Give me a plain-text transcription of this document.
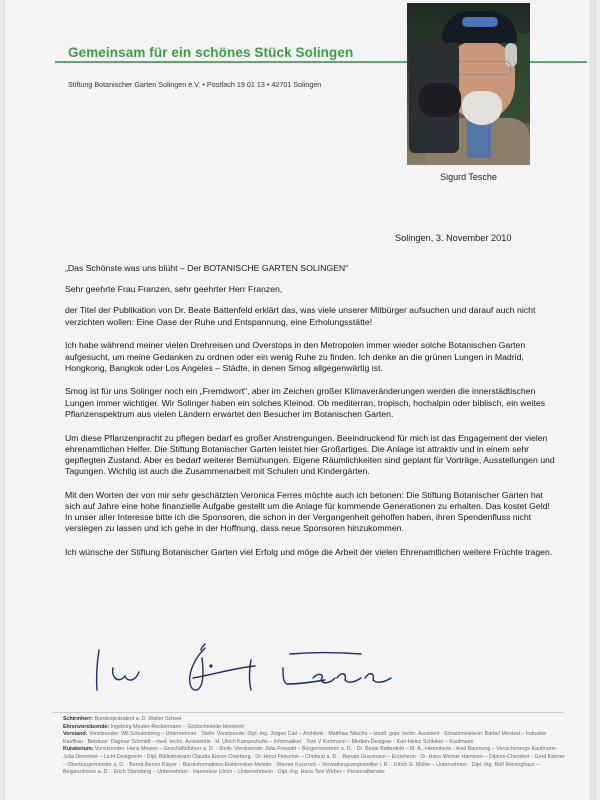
Gemeinsam für ein schönes Stück Solingen
Stiftung Botanischer Garten Solingen e.V. • Postfach 19 01 13 • 42701 Solingen
Sigurd Tesche
Solingen, 3. November 2010

„Das Schönste was uns blüht – Der BOTANISCHE GARTEN SOLINGEN“

Sehr geehrte Frau Franzen, sehr geehrter Herr Franzen,

der Titel der Publikation von Dr. Beate Battenfeld erklärt das, was viele unserer Mitbürger aufsuchen und darauf auch nicht verzichten wollen: Eine Oase der Ruhe und Entspannung, eine Erholungsstätte!

Ich habe während meiner vielen Drehreisen und Overstops in den Metropolen immer wieder solche Botanischen Garten aufgesucht, um meine Gedanken zu ordnen oder ein wenig Ruhe zu finden. Ich denke an die grünen Lungen in Madrid, Hongkong, Bangkok oder Los Angeles – Städte, in denen Smog allgegenwärtig ist.

Smog ist für uns Solinger noch ein „Fremdwort“, aber im Zeichen großer Klimaveränderungen werden die innerstädtischen Lungen immer wichtiger. Wir Solinger haben ein solches Kleinod. Ob mediterran, tropisch, hochalpin oder biblisch, ein weites Pflanzenspektrum aus vielen Ländern erwartet den Besucher im Botanischen Garten.

Um diese Pflanzenpracht zu pflegen bedarf es großer Anstrengungen. Beeindruckend für mich ist das Engagement der vielen ehrenamtlichen Helfer. Die Stiftung Botanischer Garten leistet hier Großartiges. Die Anlage ist attraktiv und in einem sehr gepflegten Zustand. Aber es bedarf weiterer Bemühungen. Eigene Räumlichkeiten sind geplant für Vorträge, Ausstellungen und Tagungen. Wichtig ist auch die Zusammenarbeit mit Schulen und Kindergärten.

Mit den Worten der von mir sehr geschätzten Veronica Ferres möchte auch ich betonen: Die Stiftung Botanischer Garten hat sich auf Jahre eine hohe finanzielle Aufgabe gestellt um die Anlage für kommende Generationen zu erhalten. Das kostet Geld! In unser aller Interesse bitte ich die Sponsoren, die schon in der Vergangenheit geholfen haben, ihren Spendenfluss nicht versiegen zu lassen und ich gehe in der Hoffnung, dass neue Sponsoren hinzukommen.

Ich wünsche der Stiftung Botanischer Garten viel Erfolg und möge die Arbeit der vielen Ehrenamtlichen weitere Früchte tragen.

Schirmherr: Bundespräsident a. D. Walter Scheel
Ehrenvorsitzende: Ingeborg Meuter-Reckermann – Goldschmiede-Meisterin
Vorstand: Vorsitzender: Wil Schulenberg – Unternehmer · Stellv. Vorsitzende: Dipl.-Ing. Jürgen Carl – Architekt · Matthias Nitsche – staatl. gepr. techn. Assistent · Schatzmeisterin: Bärbel Mentzel – Industrie Kauffrau · Beisitzer: Dagmar Schmidt – med. techn. Assistentin · H. Ulrich Kampschulte – Informatiker · Tom V Kortmann – Medien-Designer · Karl-Heinz Schleker – Kaufmann
Kuratorium: Vorsitzender: Hans Mewes – Geschäftsführer a. D. · Stellv. Vorsitzende: Julia Frewald – Bürgermeisterin a. D. · Dr. Beate Battenfeld – M. A., Historikerin · Axel Baumung – Versicherungs-Kaufmann · Julia Dinnebier – Licht-Designerin · Dipl. Bibliothekarin Claudia Eisner-Overberg · Dr. Horst Fleischer – Chefarzt a. D. · Renate Graumann – Erzieherin · Dr. Hans-Werner Hammen – Diplom-Chemiker · Gerd Kaimer – Oberbürgermeister a. D. · Bernd-Benno Klayer – Büroinformations-Elektroniker-Meister · Werner Kurzrock – Verwaltungsangestellter i. R. · Ulrich G. Müller – Unternehmer · Dipl.-Ing. Rolf Reininghaus – Beigeordneter a. D. · Erich Stonsberg – Unternehmer · Hannelore Ulrich – Unternehmerin · Dipl.-Ing. Hans-Toni Weber – Personalberater
